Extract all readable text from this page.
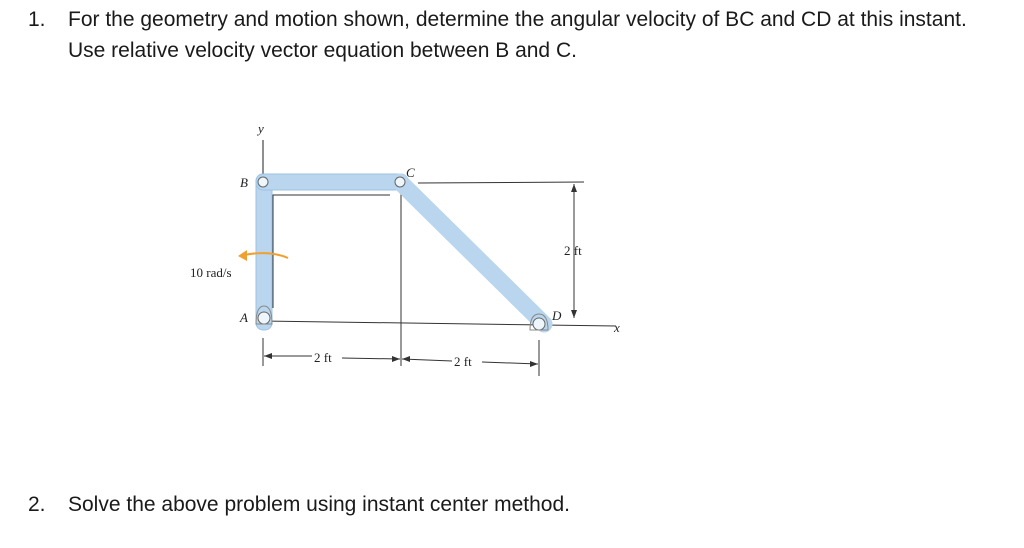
1. For the geometry and motion shown, determine the angular velocity of BC and CD at this instant. Use relative velocity vector equation between B and C.
y
x
B
C
A	D
10 rad/s
2 ft
2 ft	2 ft
2. Solve the above problem using instant center method.
